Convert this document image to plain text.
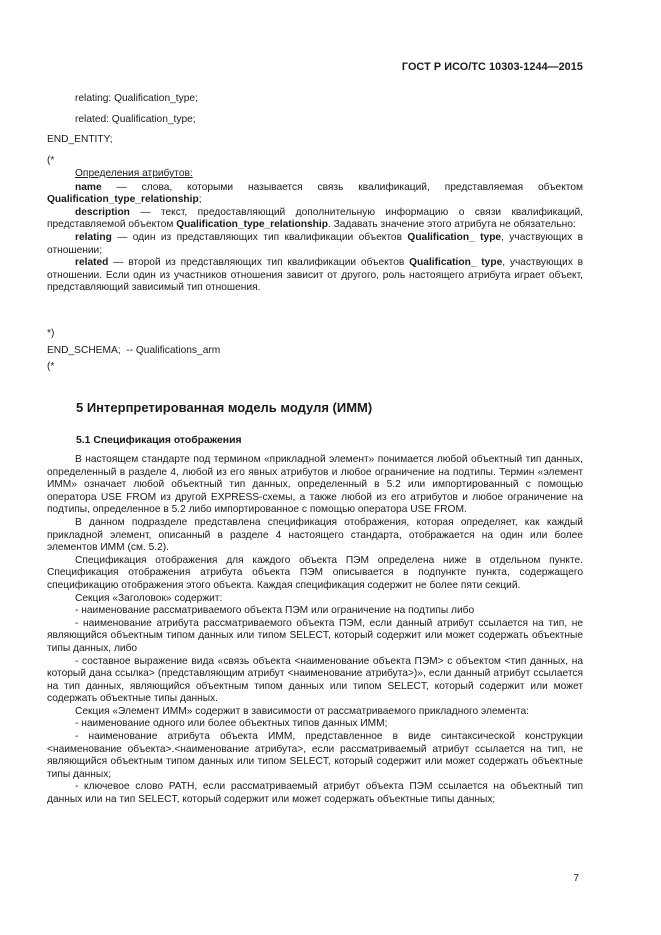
ГОСТ Р ИСО/ТС 10303-1244—2015

relating: Qualification_type;

related: Qualification_type;

END_ENTITY;

(*

Определения атрибутов:

name — слова, которыми называется связь квалификаций, представляемая объектом Qualification_type_relationship;

description — текст, предоставляющий дополнительную информацию о связи квалификаций, представляемой объектом Qualification_type_relationship. Задавать значение этого атрибута не обязательно:

relating — один из представляющих тип квалификации объектов Qualification_ type, участвующих в отношении;

related — второй из представляющих тип квалификации объектов Qualification_ type, участвующих в отношении. Если один из участников отношения зависит от другого, роль настоящего атрибута играет объект, представляющий зависимый тип отношения.

*)

END_SCHEMA;  -- Qualifications_arm

(*

5 Интерпретированная модель модуля (ИММ)
5.1 Спецификация отображения

В настоящем стандарте под термином «прикладной элемент» понимается любой объектный тип данных, определенный в разделе 4, любой из его явных атрибутов и любое ограничение на подтипы. Термин «элемент ИММ» означает любой объектный тип данных, определенный в 5.2 или импортированный с помощью оператора USE FROM из другой EXPRESS-схемы, а также любой из его атрибутов и любое ограничение на подтипы, определенное в 5.2 либо импортированное с помощью оператора USE FROM.

В данном подразделе представлена спецификация отображения, которая определяет, как каждый прикладной элемент, описанный в разделе 4 настоящего стандарта, отображается на один или более элементов ИММ (см. 5.2).

Спецификация отображения для каждого объекта ПЭМ определена ниже в отдельном пункте. Спецификация отображения атрибута объекта ПЭМ описывается в подпункте пункта, содержащего спецификацию отображения этого объекта. Каждая спецификация содержит не более пяти секций.

Секция «Заголовок» содержит:

- наименование рассматриваемого объекта ПЭМ или ограничение на подтипы либо

- наименование атрибута рассматриваемого объекта ПЭМ, если данный атрибут ссылается на тип, не являющийся объектным типом данных или типом SELECT, который содержит или может содержать объектные типы данных, либо

- составное выражение вида «связь объекта <наименование объекта ПЭМ> с объектом <тип данных, на который дана ссылка> (представляющим атрибут <наименование атрибута>)», если данный атрибут ссылается на тип данных, являющийся объектным типом данных или типом SELECT, который содержит или может содержать объектные типы данных.

Секция «Элемент ИММ» содержит в зависимости от рассматриваемого прикладного элемента:

- наименование одного или более объектных типов данных ИММ;

- наименование атрибута объекта ИММ, представленное в виде синтаксической конструкции <наименование объекта>.<наименование атрибута>, если рассматриваемый атрибут ссылается на тип, не являющийся объектным типом данных или типом SELECT, который содержит или может содержать объектные типы данных;

- ключевое слово PATH, если рассматриваемый атрибут объекта ПЭМ ссылается на объектный тип данных или на тип SELECT, который содержит или может содержать объектные типы данных;

7
